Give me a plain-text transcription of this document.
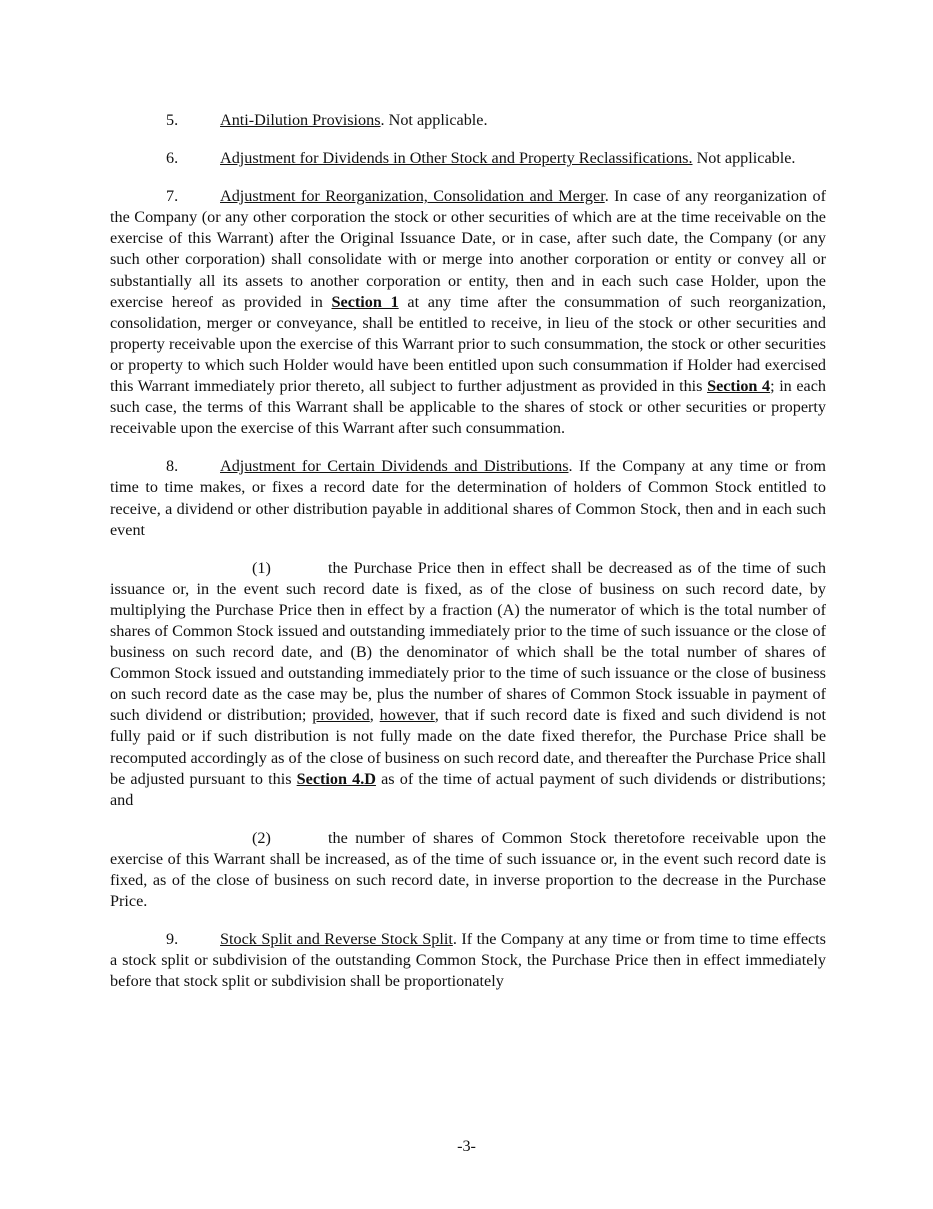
5.	Anti-Dilution Provisions. Not applicable.

6.	Adjustment for Dividends in Other Stock and Property Reclassifications. Not applicable.

7.	Adjustment for Reorganization, Consolidation and Merger. In case of any reorganization of the Company (or any other corporation the stock or other securities of which are at the time receivable on the exercise of this Warrant) after the Original Issuance Date, or in case, after such date, the Company (or any such other corporation) shall consolidate with or merge into another corporation or entity or convey all or substantially all its assets to another corporation or entity, then and in each such case Holder, upon the exercise hereof as provided in Section 1 at any time after the consummation of such reorganization, consolidation, merger or conveyance, shall be entitled to receive, in lieu of the stock or other securities and property receivable upon the exercise of this Warrant prior to such consummation, the stock or other securities or property to which such Holder would have been entitled upon such consummation if Holder had exercised this Warrant immediately prior thereto, all subject to further adjustment as provided in this Section 4; in each such case, the terms of this Warrant shall be applicable to the shares of stock or other securities or property receivable upon the exercise of this Warrant after such consummation.

8.	Adjustment for Certain Dividends and Distributions. If the Company at any time or from time to time makes, or fixes a record date for the determination of holders of Common Stock entitled to receive, a dividend or other distribution payable in additional shares of Common Stock, then and in each such event

(1)	the Purchase Price then in effect shall be decreased as of the time of such issuance or, in the event such record date is fixed, as of the close of business on such record date, by multiplying the Purchase Price then in effect by a fraction (A) the numerator of which is the total number of shares of Common Stock issued and outstanding immediately prior to the time of such issuance or the close of business on such record date, and (B) the denominator of which shall be the total number of shares of Common Stock issued and outstanding immediately prior to the time of such issuance or the close of business on such record date as the case may be, plus the number of shares of Common Stock issuable in payment of such dividend or distribution; provided, however, that if such record date is fixed and such dividend is not fully paid or if such distribution is not fully made on the date fixed therefor, the Purchase Price shall be recomputed accordingly as of the close of business on such record date, and thereafter the Purchase Price shall be adjusted pursuant to this Section 4.D as of the time of actual payment of such dividends or distributions; and

(2)	the number of shares of Common Stock theretofore receivable upon the exercise of this Warrant shall be increased, as of the time of such issuance or, in the event such record date is fixed, as of the close of business on such record date, in inverse proportion to the decrease in the Purchase Price.

9.	Stock Split and Reverse Stock Split. If the Company at any time or from time to time effects a stock split or subdivision of the outstanding Common Stock, the Purchase Price then in effect immediately before that stock split or subdivision shall be proportionately

-3-
